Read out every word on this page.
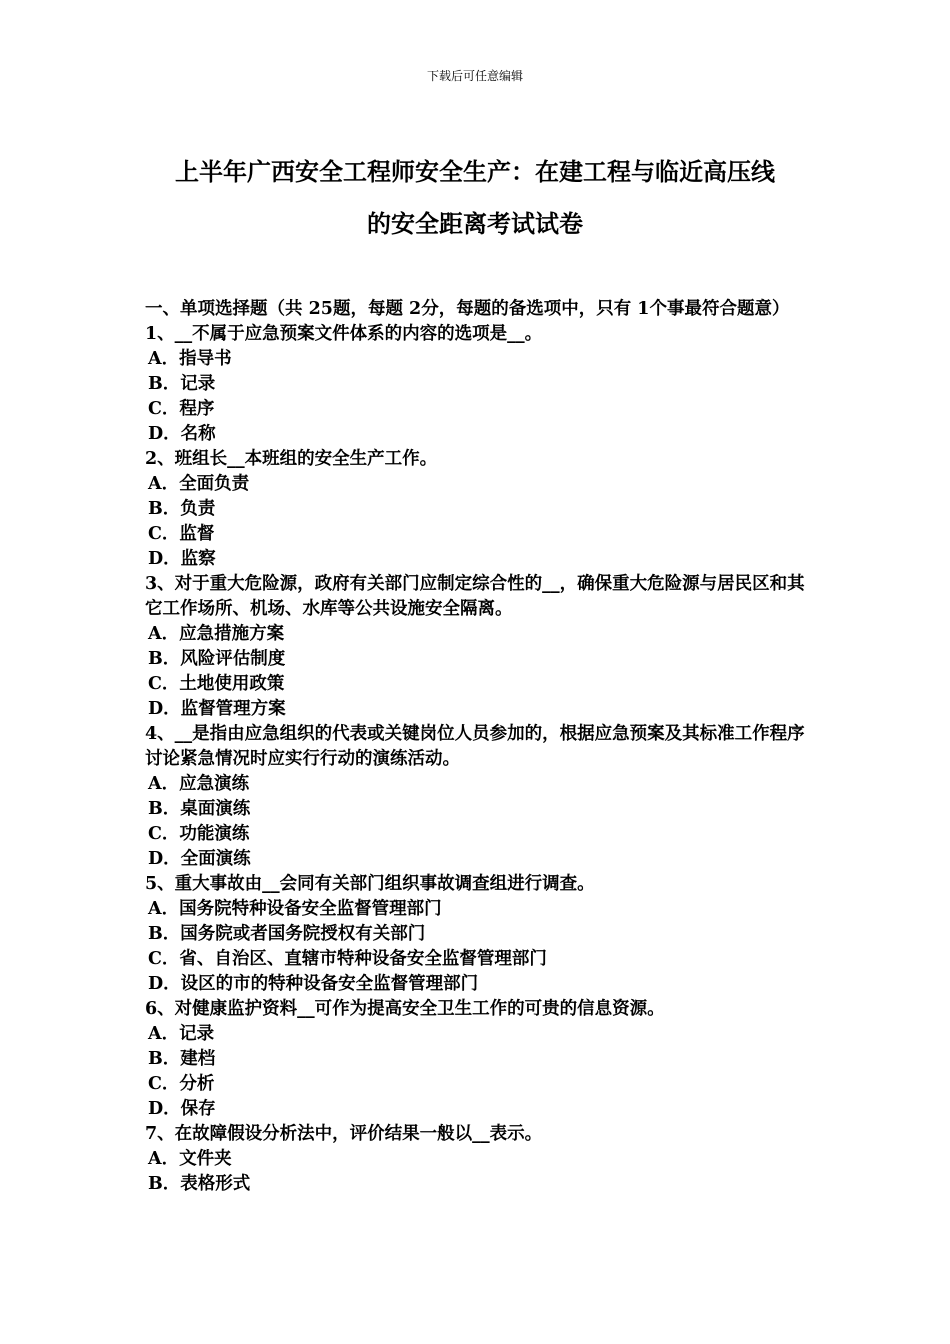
下载后可任意编辑
上半年广西安全工程师安全生产：在建工程与临近高压线
的安全距离考试试卷
一、单项选择题（共 25题，每题 2分，每题的备选项中，只有 1个事最符合题意）
1、__不属于应急预案文件体系的内容的选项是__。
A．指导书
B．记录
C．程序
D．名称
2、班组长__本班组的安全生产工作。
A．全面负责
B．负责
C．监督
D．监察
3、对于重大危险源，政府有关部门应制定综合性的__，确保重大危险源与居民区和其它工作场所、机场、水库等公共设施安全隔离。
A．应急措施方案
B．风险评估制度
C．土地使用政策
D．监督管理方案
4、__是指由应急组织的代表或关键岗位人员参加的，根据应急预案及其标准工作程序讨论紧急情况时应实行行动的演练活动。
A．应急演练
B．桌面演练
C．功能演练
D．全面演练
5、重大事故由__会同有关部门组织事故调查组进行调查。
A．国务院特种设备安全监督管理部门
B．国务院或者国务院授权有关部门
C．省、自治区、直辖市特种设备安全监督管理部门
D．设区的市的特种设备安全监督管理部门
6、对健康监护资料__可作为提高安全卫生工作的可贵的信息资源。
A．记录
B．建档
C．分析
D．保存
7、在故障假设分析法中，评价结果一般以__表示。
A．文件夹
B．表格形式
